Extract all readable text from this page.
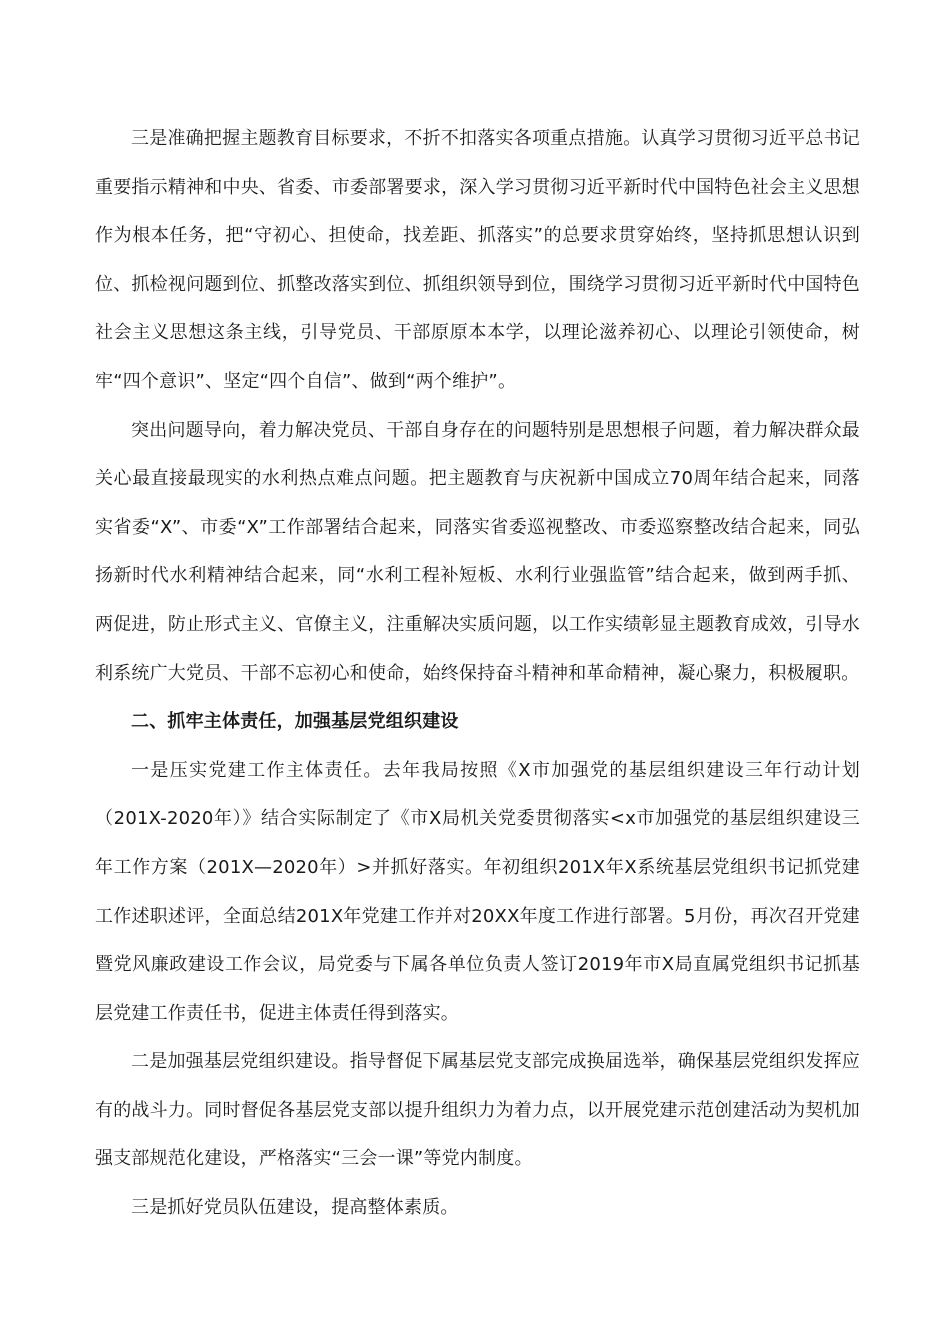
三是准确把握主题教育目标要求，不折不扣落实各项重点措施。认真学习贯彻习近平总书记重要指示精神和中央、省委、市委部署要求，深入学习贯彻习近平新时代中国特色社会主义思想作为根本任务，把“守初心、担使命，找差距、抓落实”的总要求贯穿始终，坚持抓思想认识到位、抓检视问题到位、抓整改落实到位、抓组织领导到位，围绕学习贯彻习近平新时代中国特色社会主义思想这条主线，引导党员、干部原原本本学，以理论滋养初心、以理论引领使命，树牢“四个意识”、坚定“四个自信”、做到“两个维护”。

突出问题导向，着力解决党员、干部自身存在的问题特别是思想根子问题，着力解决群众最关心最直接最现实的水利热点难点问题。把主题教育与庆祝新中国成立70周年结合起来，同落实省委“X”、市委“X”工作部署结合起来，同落实省委巡视整改、市委巡察整改结合起来，同弘扬新时代水利精神结合起来，同“水利工程补短板、水利行业强监管”结合起来，做到两手抓、两促进，防止形式主义、官僚主义，注重解决实质问题，以工作实绩彰显主题教育成效，引导水利系统广大党员、干部不忘初心和使命，始终保持奋斗精神和革命精神，凝心聚力，积极履职。

二、抓牢主体责任，加强基层党组织建设

一是压实党建工作主体责任。去年我局按照《X市加强党的基层组织建设三年行动计划（201X-2020年）》结合实际制定了《市X局机关党委贯彻落实<x市加强党的基层组织建设三年工作方案（201X—2020年）>并抓好落实。年初组织201X年X系统基层党组织书记抓党建工作述职述评，全面总结201X年党建工作并对20XX年度工作进行部署。5月份，再次召开党建暨党风廉政建设工作会议，局党委与下属各单位负责人签订2019年市X局直属党组织书记抓基层党建工作责任书，促进主体责任得到落实。

二是加强基层党组织建设。指导督促下属基层党支部完成换届选举，确保基层党组织发挥应有的战斗力。同时督促各基层党支部以提升组织力为着力点，以开展党建示范创建活动为契机加强支部规范化建设，严格落实“三会一课”等党内制度。

三是抓好党员队伍建设，提高整体素质。
